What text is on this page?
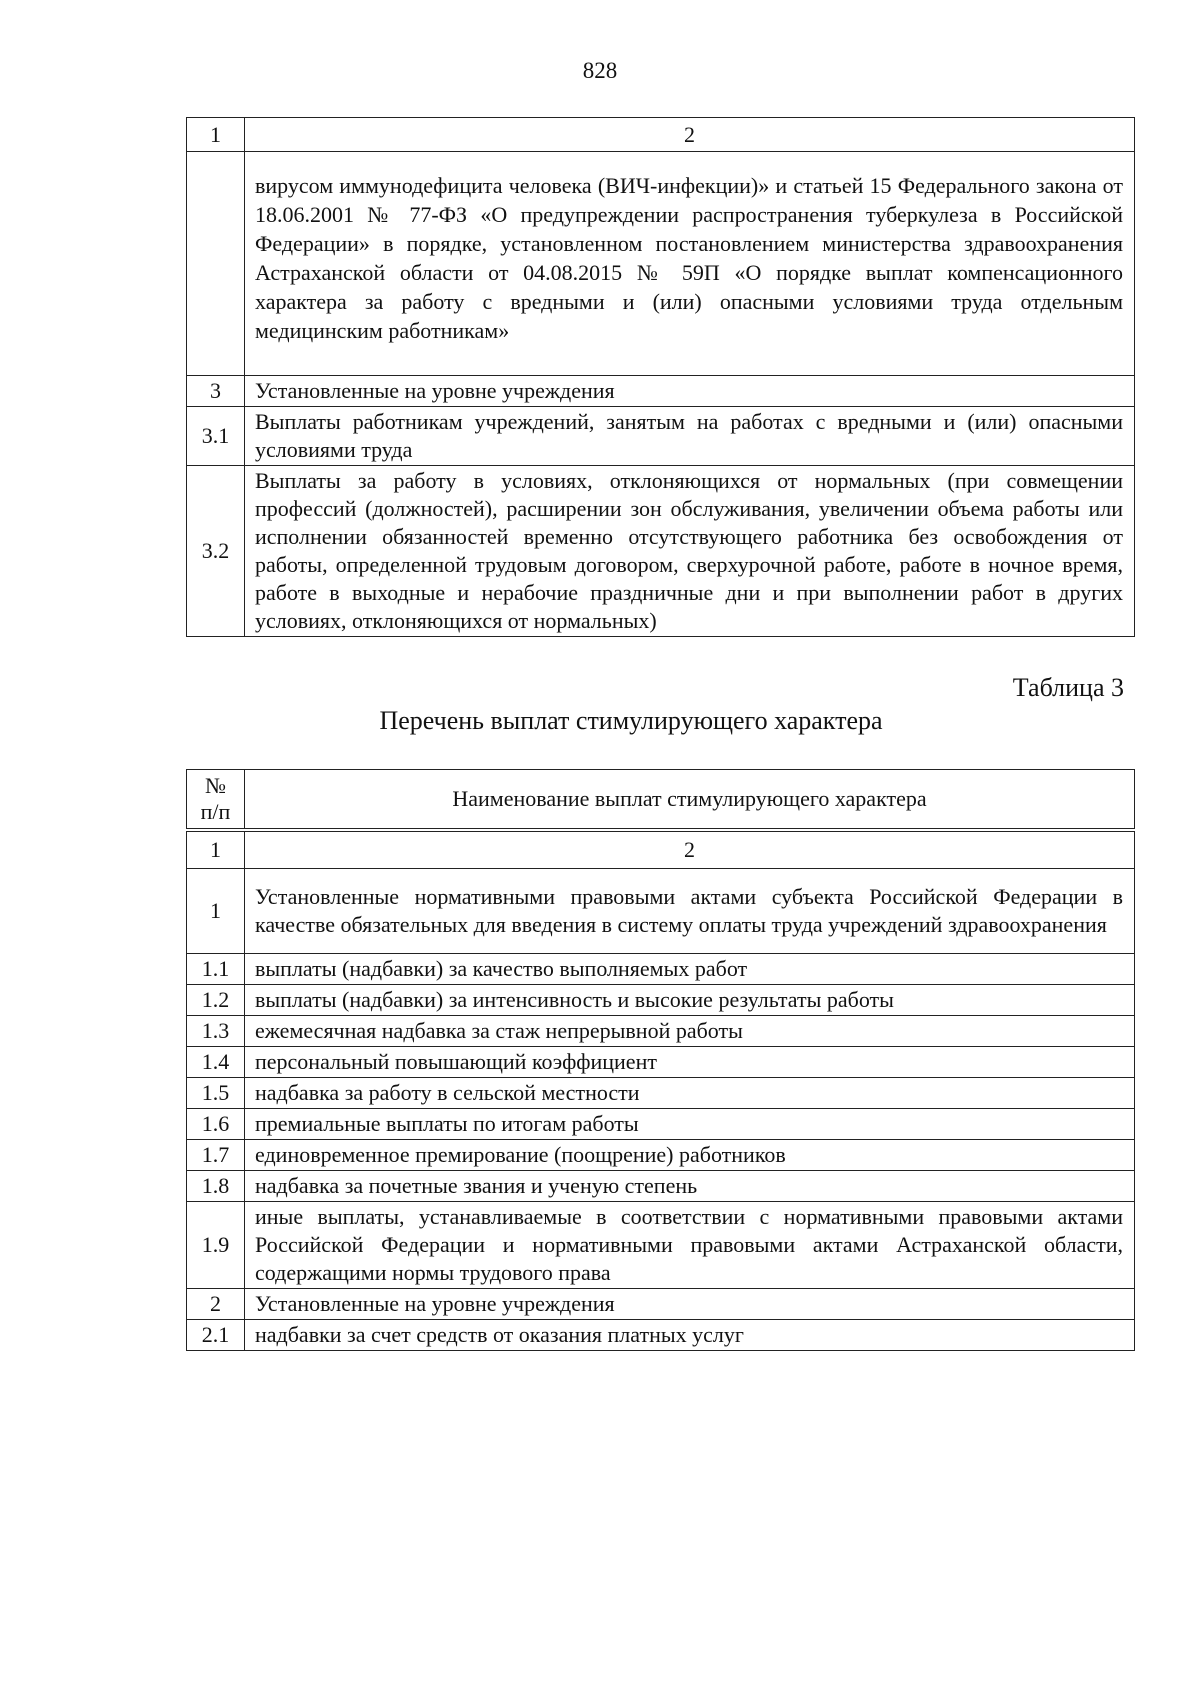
828
1	2
	вирусом иммунодефицита человека (ВИЧ-инфекции)» и статьей 15 Федерального закона от 18.06.2001 № 77-ФЗ «О предупреждении распространения туберкулеза в Российской Федерации» в порядке, установленном постановлением министерства здравоохранения Астраханской области от 04.08.2015 № 59П «О порядке выплат компенсационного характера за работу с вредными и (или) опасными условиями труда отдельным медицинским работникам»
3	Установленные на уровне учреждения
3.1	Выплаты работникам учреждений, занятым на работах с вредными и (или) опасными условиями труда
3.2	Выплаты за работу в условиях, отклоняющихся от нормальных (при совмещении профессий (должностей), расширении зон обслуживания, увеличении объема работы или исполнении обязанностей временно отсутствующего работника без освобождения от работы, определенной трудовым договором, сверхурочной работе, работе в ночное время, работе в выходные и нерабочие праздничные дни и при выполнении работ в других условиях, отклоняющихся от нормальных)
Таблица 3
Перечень выплат стимулирующего характера
№
п/п	Наименование выплат стимулирующего характера
1	2
1	Установленные нормативными правовыми актами субъекта Российской Федерации в качестве обязательных для введения в систему оплаты труда учреждений здравоохранения
1.1	выплаты (надбавки) за качество выполняемых работ
1.2	выплаты (надбавки) за интенсивность и высокие результаты работы
1.3	ежемесячная надбавка за стаж непрерывной работы
1.4	персональный повышающий коэффициент
1.5	надбавка за работу в сельской местности
1.6	премиальные выплаты по итогам работы
1.7	единовременное премирование (поощрение) работников
1.8	надбавка за почетные звания и ученую степень
1.9	иные выплаты, устанавливаемые в соответствии с нормативными правовыми актами Российской Федерации и нормативными правовыми актами Астраханской области, содержащими нормы трудового права
2	Установленные на уровне учреждения
2.1	надбавки за счет средств от оказания платных услуг
